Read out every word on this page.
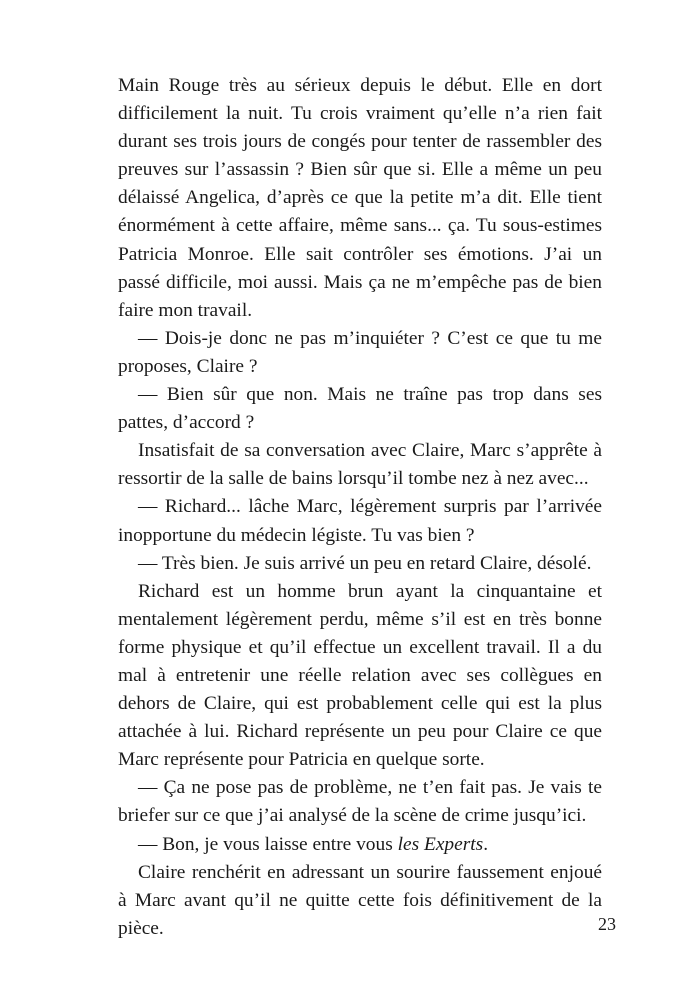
Main Rouge très au sérieux depuis le début. Elle en dort difficilement la nuit. Tu crois vraiment qu’elle n’a rien fait durant ses trois jours de congés pour tenter de rassembler des preuves sur l’assassin ? Bien sûr que si. Elle a même un peu délaissé Angelica, d’après ce que la petite m’a dit. Elle tient énormément à cette affaire, même sans... ça. Tu sous-estimes Patricia Monroe. Elle sait contrôler ses émotions. J’ai un passé difficile, moi aussi. Mais ça ne m’empêche pas de bien faire mon travail.

— Dois-je donc ne pas m’inquiéter ? C’est ce que tu me proposes, Claire ?

— Bien sûr que non. Mais ne traîne pas trop dans ses pattes, d’accord ?

Insatisfait de sa conversation avec Claire, Marc s’apprête à ressortir de la salle de bains lorsqu’il tombe nez à nez avec...

— Richard... lâche Marc, légèrement surpris par l’arrivée inopportune du médecin légiste. Tu vas bien ?

— Très bien. Je suis arrivé un peu en retard Claire, désolé.

Richard est un homme brun ayant la cinquantaine et mentalement légèrement perdu, même s’il est en très bonne forme physique et qu’il effectue un excellent travail. Il a du mal à entretenir une réelle relation avec ses collègues en dehors de Claire, qui est probablement celle qui est la plus attachée à lui. Richard représente un peu pour Claire ce que Marc représente pour Patricia en quelque sorte.

— Ça ne pose pas de problème, ne t’en fait pas. Je vais te briefer sur ce que j’ai analysé de la scène de crime jusqu’ici.

— Bon, je vous laisse entre vous les Experts.

Claire renchérit en adressant un sourire faussement enjoué à Marc avant qu’il ne quitte cette fois définitivement de la pièce.	23
